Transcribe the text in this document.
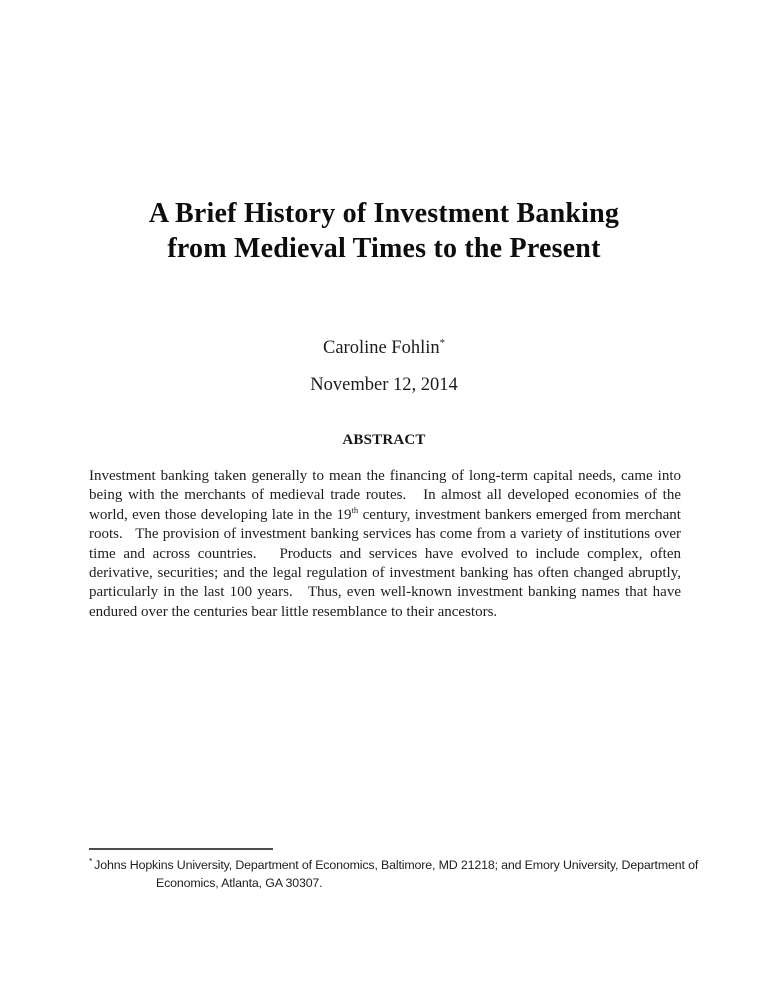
A Brief History of Investment Banking
from Medieval Times to the Present
Caroline Fohlin*
November 12, 2014
ABSTRACT

Investment banking taken generally to mean the financing of long-term capital needs, came into being with the merchants of medieval trade routes.   In almost all developed economies of the world, even those developing late in the 19th century, investment bankers emerged from merchant roots.   The provision of investment banking services has come from a variety of institutions over time and across countries.   Products and services have evolved to include complex, often derivative, securities; and the legal regulation of investment banking has often changed abruptly, particularly in the last 100 years.   Thus, even well-known investment banking names that have endured over the centuries bear little resemblance to their ancestors.

* Johns Hopkins University, Department of Economics, Baltimore, MD 21218; and Emory University, Department of
Economics, Atlanta, GA 30307.
